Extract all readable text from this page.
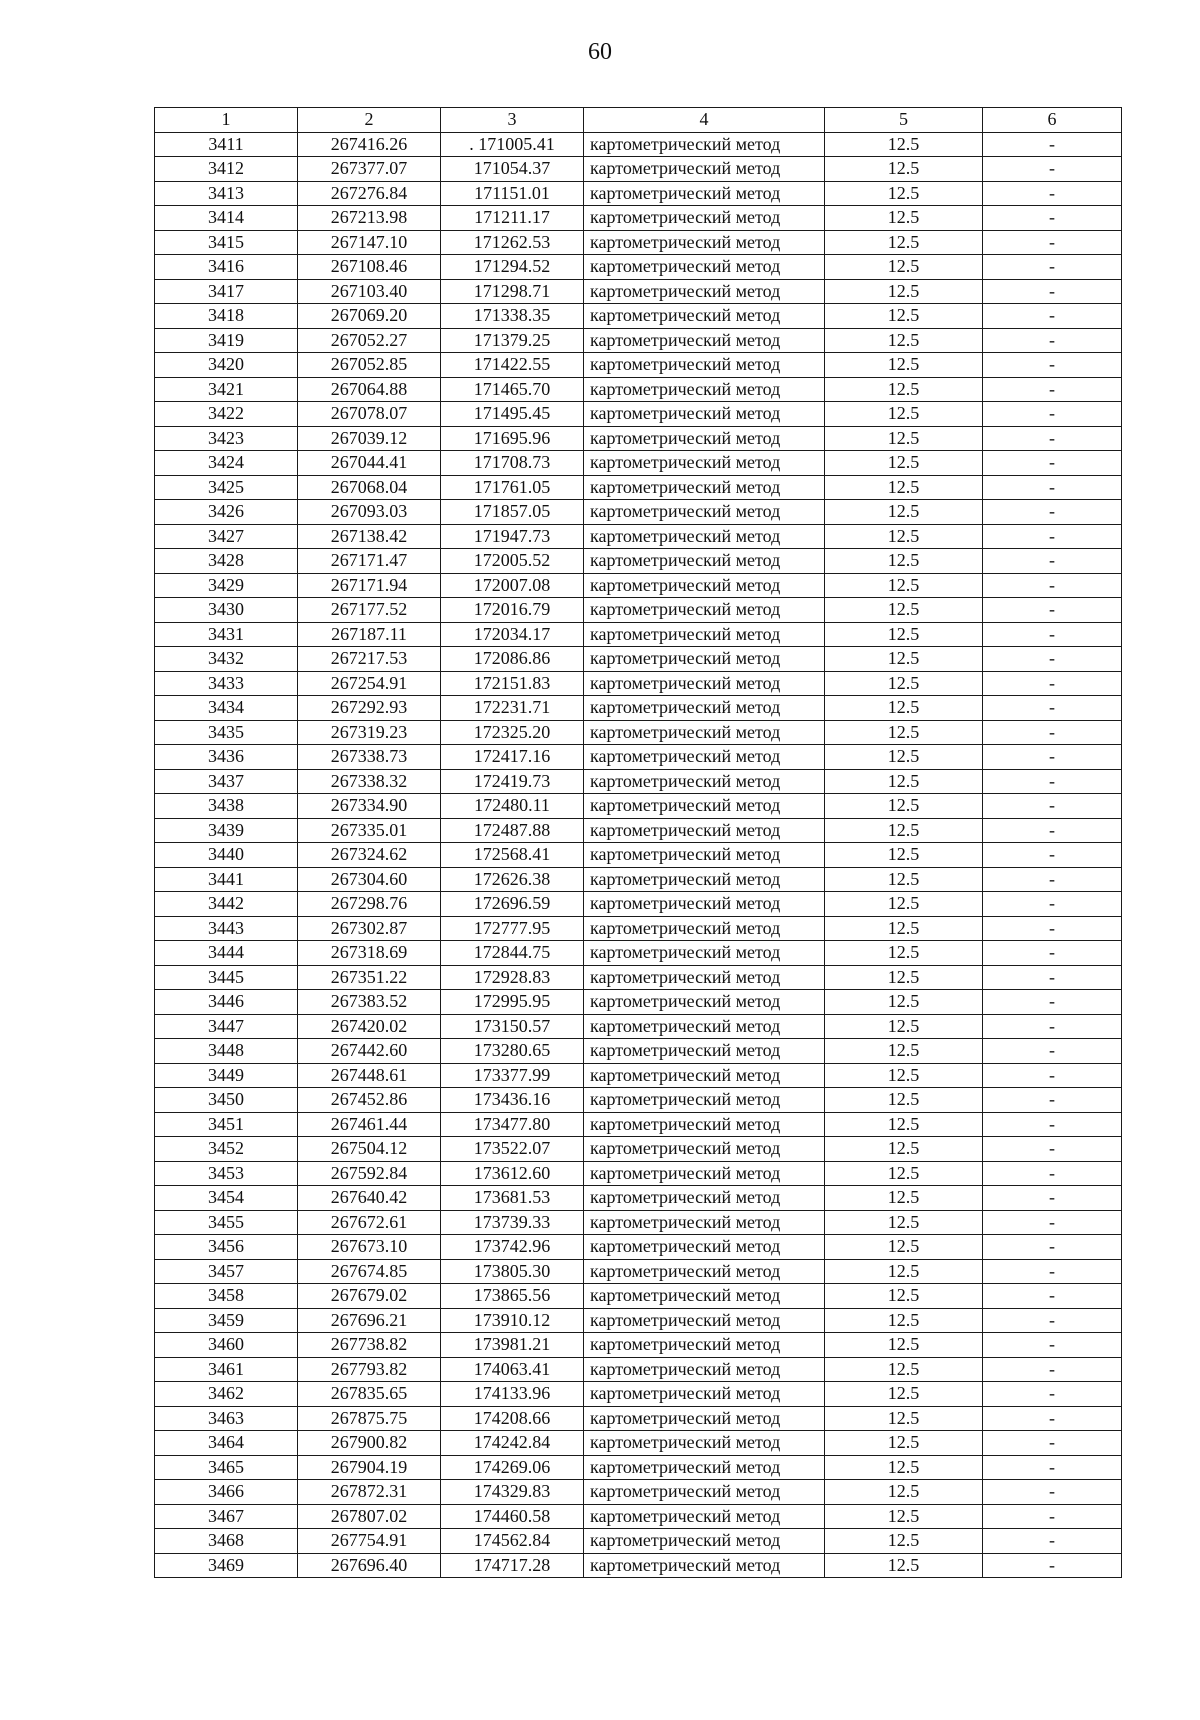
60
1	2	3	4	5	6
3411	267416.26	. 171005.41	картометрический метод	12.5	-
3412	267377.07	171054.37	картометрический метод	12.5	-
3413	267276.84	171151.01	картометрический метод	12.5	-
3414	267213.98	171211.17	картометрический метод	12.5	-
3415	267147.10	171262.53	картометрический метод	12.5	-
3416	267108.46	171294.52	картометрический метод	12.5	-
3417	267103.40	171298.71	картометрический метод	12.5	-
3418	267069.20	171338.35	картометрический метод	12.5	-
3419	267052.27	171379.25	картометрический метод	12.5	-
3420	267052.85	171422.55	картометрический метод	12.5	-
3421	267064.88	171465.70	картометрический метод	12.5	-
3422	267078.07	171495.45	картометрический метод	12.5	-
3423	267039.12	171695.96	картометрический метод	12.5	-
3424	267044.41	171708.73	картометрический метод	12.5	-
3425	267068.04	171761.05	картометрический метод	12.5	-
3426	267093.03	171857.05	картометрический метод	12.5	-
3427	267138.42	171947.73	картометрический метод	12.5	-
3428	267171.47	172005.52	картометрический метод	12.5	-
3429	267171.94	172007.08	картометрический метод	12.5	-
3430	267177.52	172016.79	картометрический метод	12.5	-
3431	267187.11	172034.17	картометрический метод	12.5	-
3432	267217.53	172086.86	картометрический метод	12.5	-
3433	267254.91	172151.83	картометрический метод	12.5	-
3434	267292.93	172231.71	картометрический метод	12.5	-
3435	267319.23	172325.20	картометрический метод	12.5	-
3436	267338.73	172417.16	картометрический метод	12.5	-
3437	267338.32	172419.73	картометрический метод	12.5	-
3438	267334.90	172480.11	картометрический метод	12.5	-
3439	267335.01	172487.88	картометрический метод	12.5	-
3440	267324.62	172568.41	картометрический метод	12.5	-
3441	267304.60	172626.38	картометрический метод	12.5	-
3442	267298.76	172696.59	картометрический метод	12.5	-
3443	267302.87	172777.95	картометрический метод	12.5	-
3444	267318.69	172844.75	картометрический метод	12.5	-
3445	267351.22	172928.83	картометрический метод	12.5	-
3446	267383.52	172995.95	картометрический метод	12.5	-
3447	267420.02	173150.57	картометрический метод	12.5	-
3448	267442.60	173280.65	картометрический метод	12.5	-
3449	267448.61	173377.99	картометрический метод	12.5	-
3450	267452.86	173436.16	картометрический метод	12.5	-
3451	267461.44	173477.80	картометрический метод	12.5	-
3452	267504.12	173522.07	картометрический метод	12.5	-
3453	267592.84	173612.60	картометрический метод	12.5	-
3454	267640.42	173681.53	картометрический метод	12.5	-
3455	267672.61	173739.33	картометрический метод	12.5	-
3456	267673.10	173742.96	картометрический метод	12.5	-
3457	267674.85	173805.30	картометрический метод	12.5	-
3458	267679.02	173865.56	картометрический метод	12.5	-
3459	267696.21	173910.12	картометрический метод	12.5	-
3460	267738.82	173981.21	картометрический метод	12.5	-
3461	267793.82	174063.41	картометрический метод	12.5	-
3462	267835.65	174133.96	картометрический метод	12.5	-
3463	267875.75	174208.66	картометрический метод	12.5	-
3464	267900.82	174242.84	картометрический метод	12.5	-
3465	267904.19	174269.06	картометрический метод	12.5	-
3466	267872.31	174329.83	картометрический метод	12.5	-
3467	267807.02	174460.58	картометрический метод	12.5	-
3468	267754.91	174562.84	картометрический метод	12.5	-
3469	267696.40	174717.28	картометрический метод	12.5	-
